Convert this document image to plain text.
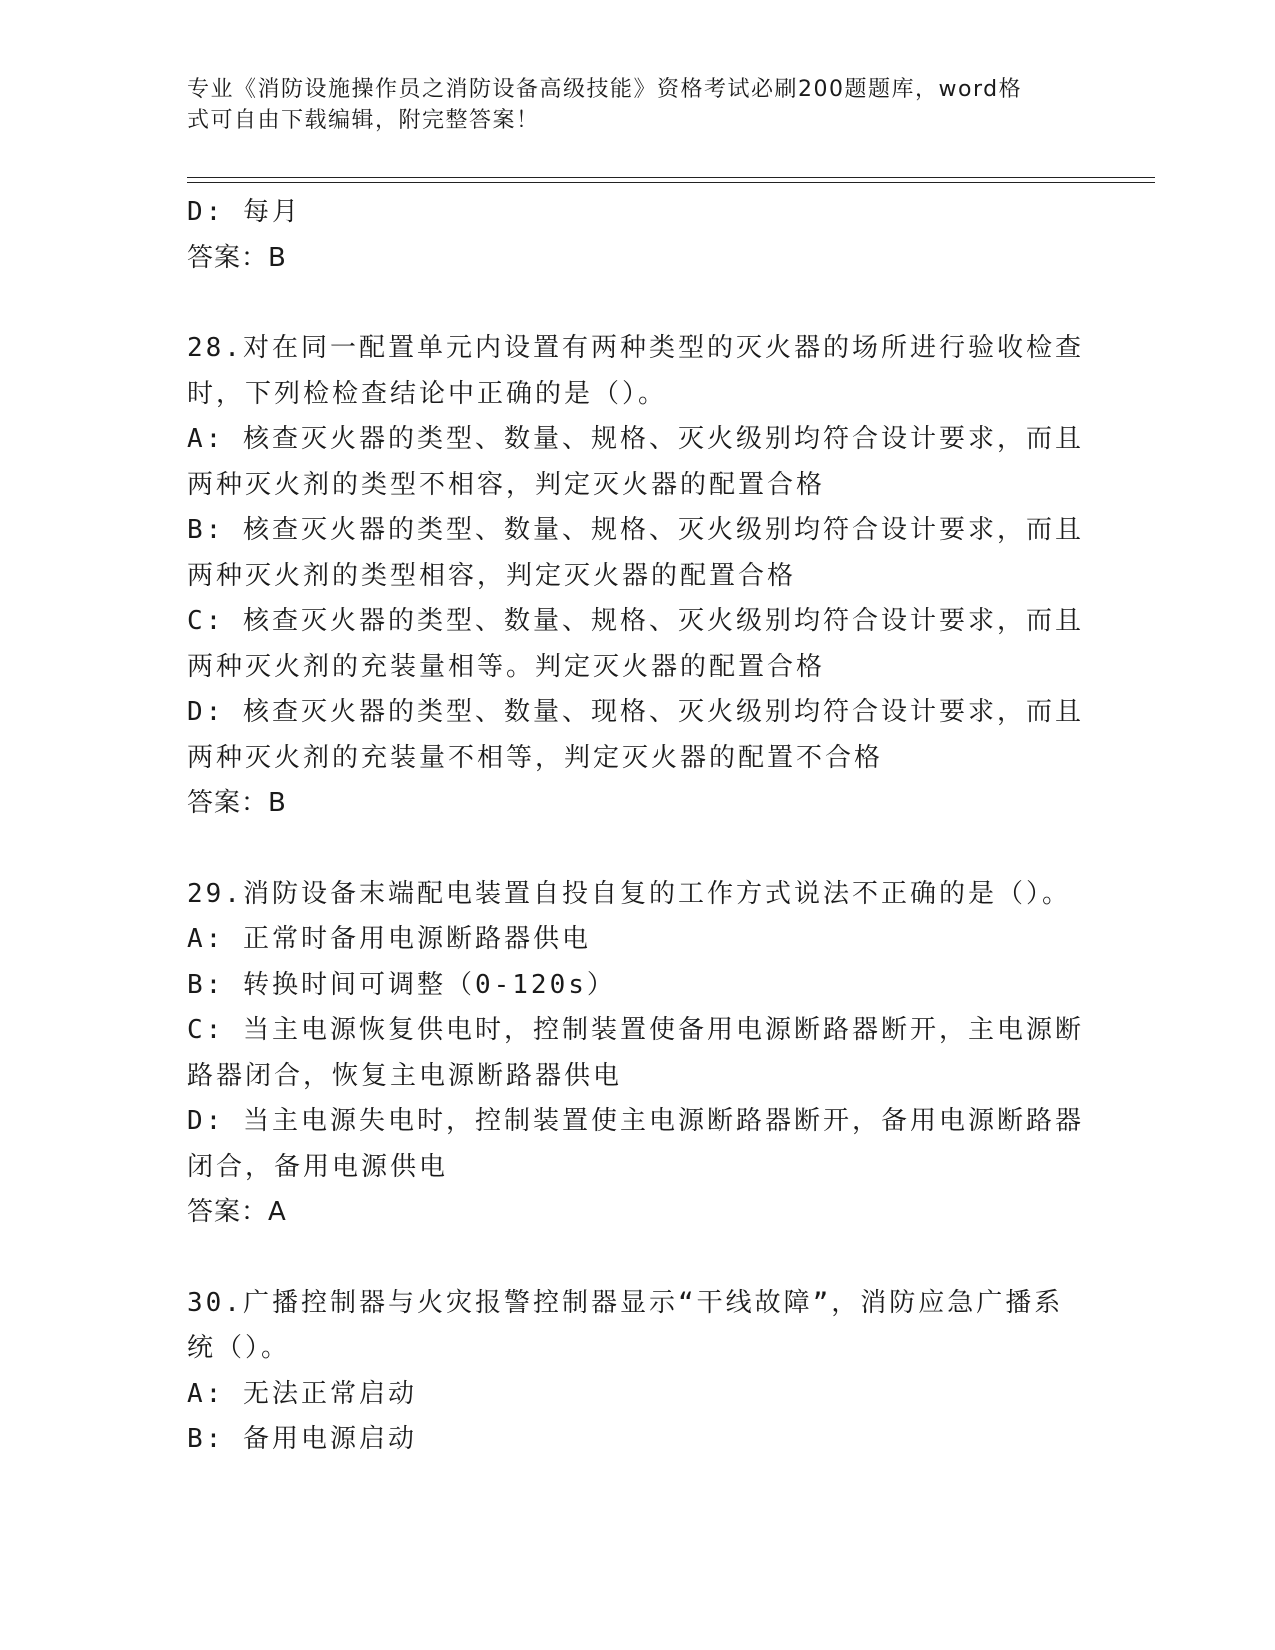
专业《消防设施操作员之消防设备高级技能》资格考试必刷200题题库，word格
式可自由下载编辑，附完整答案！
D: 每月
答案：B
28.对在同一配置单元内设置有两种类型的灭火器的场所进行验收检查
时，下列检检查结论中正确的是（）。
A: 核查灭火器的类型、数量、规格、灭火级别均符合设计要求，而且
两种灭火剂的类型不相容，判定灭火器的配置合格
B: 核查灭火器的类型、数量、规格、灭火级别均符合设计要求，而且
两种灭火剂的类型相容，判定灭火器的配置合格
C: 核查灭火器的类型、数量、规格、灭火级别均符合设计要求，而且
两种灭火剂的充装量相等。判定灭火器的配置合格
D: 核查灭火器的类型、数量、现格、灭火级别均符合设计要求，而且
两种灭火剂的充装量不相等，判定灭火器的配置不合格
答案：B
29.消防设备末端配电装置自投自复的工作方式说法不正确的是（）。
A: 正常时备用电源断路器供电
B: 转换时间可调整（0-120s）
C: 当主电源恢复供电时，控制装置使备用电源断路器断开，主电源断
路器闭合，恢复主电源断路器供电
D: 当主电源失电时，控制装置使主电源断路器断开，备用电源断路器
闭合，备用电源供电
答案：A
30.广播控制器与火灾报警控制器显示“干线故障”，消防应急广播系
统（）。
A: 无法正常启动
B: 备用电源启动
